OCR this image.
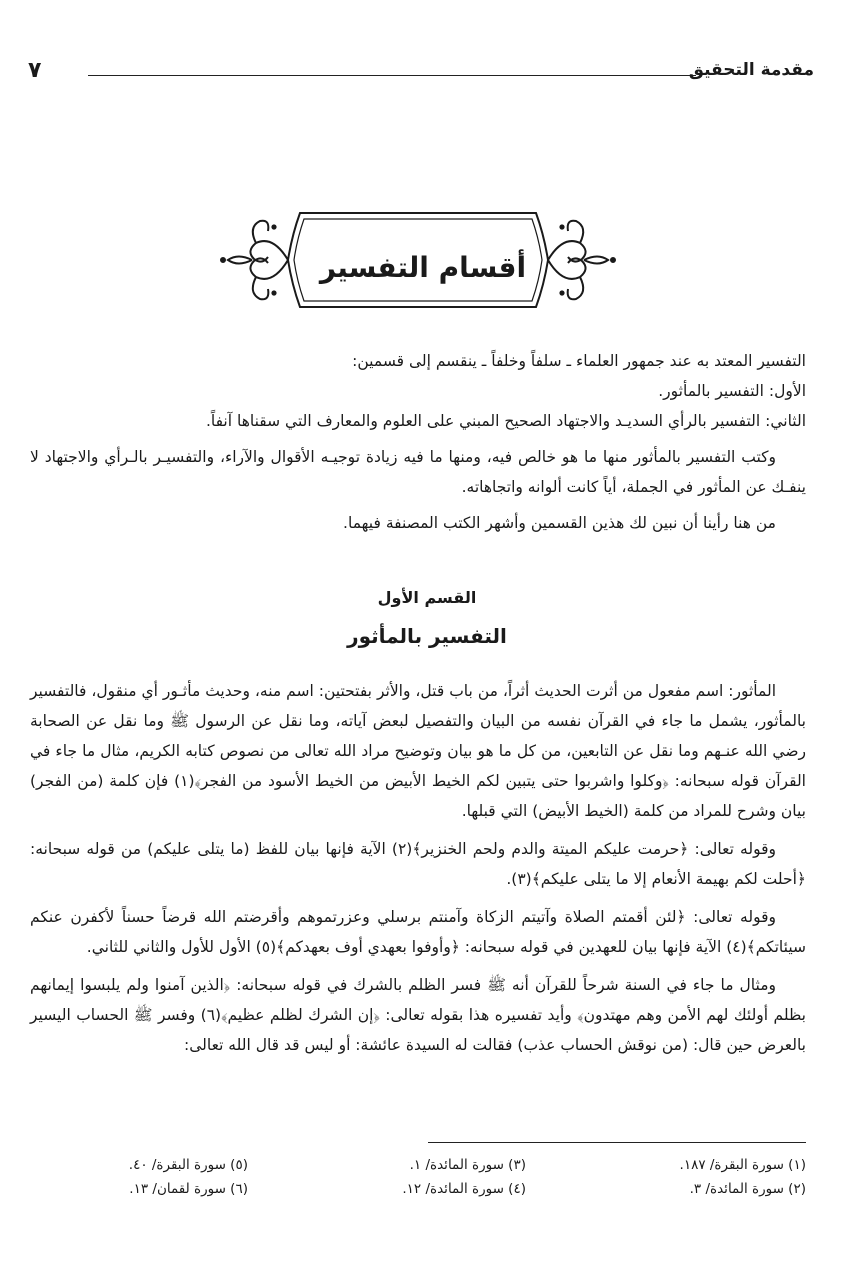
٧	مقدمة التحقيق
أقسام التفسير

التفسير المعتد به عند جمهور العلماء ـ سلفاً وخلفاً ـ ينقسم إلى قسمين:

الأول: التفسير بالمأثور.

الثاني: التفسير بالرأي السديـد والاجتهاد الصحيح المبني على العلوم والمعارف التي سقناها آنفاً.

وكتب التفسير بالمأثور منها ما هو خالص فيه، ومنها ما فيه زيادة توجيـه الأقوال والآراء، والتفسيـر بالـرأي والاجتهاد لا ينفـك عن المأثور في الجملة، أياً كانت ألوانه واتجاهاته.

من هنا رأينا أن نبين لك هذين القسمين وأشهر الكتب المصنفة فيهما.

القسم الأول
التفسير بالمأثور

المأثور: اسم مفعول من أثرت الحديث أثراً، من باب قتل، والأثر بفتحتين: اسم منه، وحديث مأثـور أي منقول، فالتفسير بالمأثور، يشمل ما جاء في القرآن نفسه من البيان والتفصيل لبعض آياته، وما نقل عن الرسول ﷺ وما نقل عن الصحابة رضي الله عنـهم وما نقل عن التابعين، من كل ما هو بيان وتوضيح مراد الله تعالى من نصوص كتابه الكريم، مثال ما جاء في القرآن قوله سبحانه: ﴿وكلوا واشربوا حتى يتبين لكم الخيط الأبيض من الخيط الأسود من الفجر﴾(١) فإن كلمة (من الفجر) بيان وشرح للمراد من كلمة (الخيط الأبيض) التي قبلها.

وقوله تعالى: ﴿حرمت عليكم الميتة والدم ولحم الخنزير﴾(٢) الآية فإنها بيان للفظ (ما يتلى عليكم) من قوله سبحانه: ﴿أحلت لكم بهيمة الأنعام إلا ما يتلى عليكم﴾(٣).

وقوله تعالى: ﴿لئن أقمتم الصلاة وآتيتم الزكاة وآمنتم برسلي وعزرتموهم وأقرضتم الله قرضاً حسناً لأكفرن عنكم سيئاتكم﴾(٤) الآية فإنها بيان للعهدين في قوله سبحانه: ﴿وأوفوا بعهدي أوف بعهدكم﴾(٥) الأول للأول والثاني للثاني.

ومثال ما جاء في السنة شرحاً للقرآن أنه ﷺ فسر الظلم بالشرك في قوله سبحانه: ﴿الذين آمنوا ولم يلبسوا إيمانهم بظلم أولئك لهم الأمن وهم مهتدون﴾ وأيد تفسيره هذا بقوله تعالى: ﴿إن الشرك لظلم عظيم﴾(٦) وفسر ﷺ الحساب اليسير بالعرض حين قال: (من نوقش الحساب عذب) فقالت له السيدة عائشة: أو ليس قد قال الله تعالى:

(١) سورة البقرة/ ١٨٧.
(٢) سورة المائدة/ ٣.
(٣) سورة المائدة/ ١.
(٤) سورة المائدة/ ١٢.
(٥) سورة البقرة/ ٤٠.
(٦) سورة لقمان/ ١٣.
